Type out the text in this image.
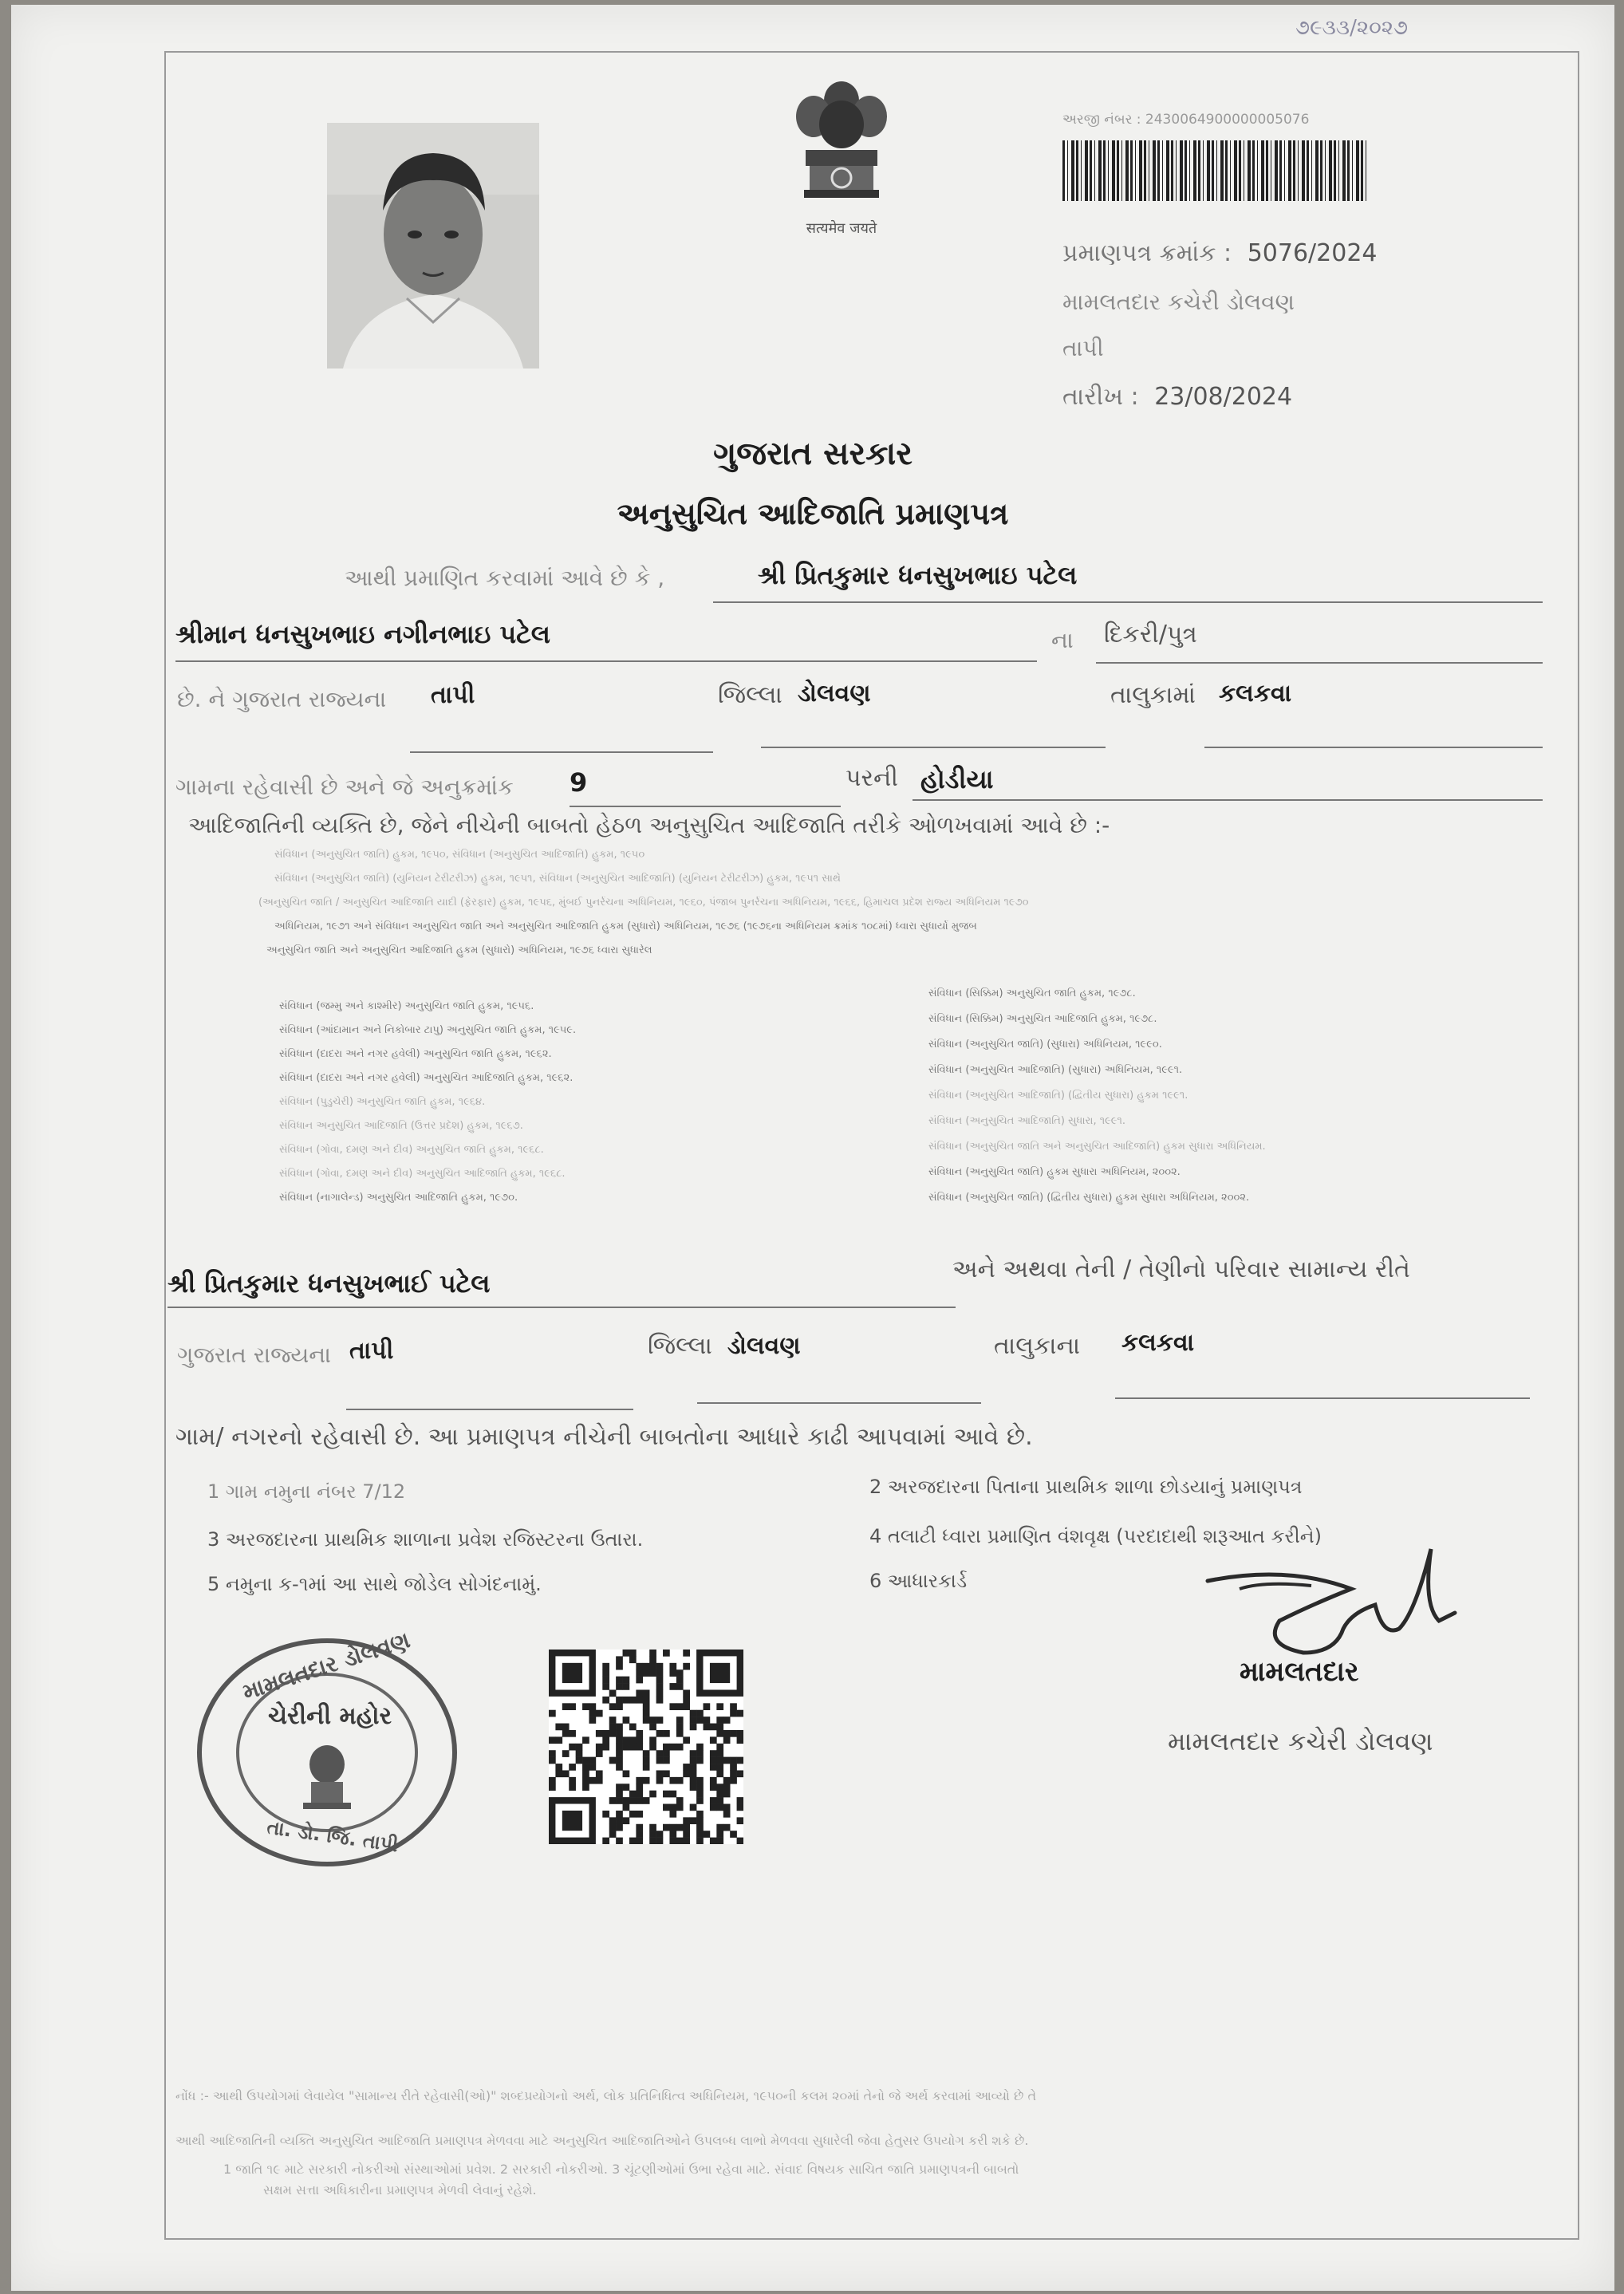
૭૯૩૩/૨૦૨૭
सत्यमेव जयते
અરજી નંબર : 2430064900000005076
પ્રમાણપત્ર ક્રમાંક : 5076/2024
મામલતદાર કચેરી ડોલવણ
તાપી
તારીખ : 23/08/2024
ગુજરાત સરકાર
અનુસુચિત આદિજાતિ પ્રમાણપત્ર
આથી પ્રમાણિત કરવામાં આવે છે કે ,	શ્રી પ્રિતકુમાર ધનસુખભાઇ પટેલ
શ્રીમાન ધનસુખભાઇ નગીનભાઇ પટેલ	ના દિકરી/પુત્ર
છે. ને ગુજરાત રાજ્યના તાપી	જિલ્લા ડોલવણ	તાલુકામાં કલકવા
ગામના રહેવાસી છે અને જે અનુક્રમાંક 9	પરની હોડીયા
આદિજાતિની વ્યક્તિ છે, જેને નીચેની બાબતો હેઠળ અનુસુચિત આદિજાતિ તરીકે ઓળખવામાં આવે છે :-
સંવિધાન (અનુસુચિત જાતિ) હુકમ, ૧૯૫૦, સંવિધાન (અનુસુચિત આદિજાતિ) હુકમ, ૧૯૫૦
સંવિધાન (અનુસુચિત જાતિ) (યુનિયન ટેરીટરીઝ) હુકમ, ૧૯૫૧, સંવિધાન (અનુસુચિત આદિજાતિ) (યુનિયન ટેરીટરીઝ) હુકમ, ૧૯૫૧ સાથે
(અનુસુચિત જાતિ / અનુસુચિત આદિજાતિ યાદી (ફેરફાર) હુકમ, ૧૯૫૬, મુંબઈ પુનર્રચના અધિનિયમ, ૧૯૬૦, પંજાબ પુનર્રચના અધિનિયમ, ૧૯૬૬, હિમાચલ પ્રદેશ રાજ્ય અધિનિયમ ૧૯૭૦
અધિનિયમ, ૧૯૭૧ અને સંવિધાન અનુસુચિત જાતિ અને અનુસુચિત આદિજાતિ હુકમ (સુધારો) અધિનિયમ, ૧૯૭૬ (૧૯૭૬ના અધિનિયમ ક્રમાંક ૧૦૮માં) ધ્વારા સુધાર્યા મુજબ
અનુસુચિત જાતિ અને અનુસુચિત આદિજાતિ હુકમ (સુધારો) અધિનિયમ, ૧૯૭૬ ધ્વારા સુધારેલ
સંવિધાન (જમ્મુ અને કાશ્મીર) અનુસુચિત જાતિ હુકમ, ૧૯૫૬.
સંવિધાન (આંદામાન અને નિકોબાર ટાપુ) અનુસુચિત જાતિ હુકમ, ૧૯૫૯.
સંવિધાન (દાદરા અને નગર હવેલી) અનુસુચિત જાતિ હુકમ, ૧૯૬૨.
સંવિધાન (દાદરા અને નગર હવેલી) અનુસુચિત આદિજાતિ હુકમ, ૧૯૬૨.
સંવિધાન (પુડુચેરી) અનુસુચિત જાતિ હુકમ, ૧૯૬૪.
સંવિધાન અનુસુચિત આદિજાતિ (ઉત્તર પ્રદેશ) હુકમ, ૧૯૬૭.
સંવિધાન (ગોવા, દમણ અને દીવ) અનુસુચિત જાતિ હુકમ, ૧૯૬૮.
સંવિધાન (ગોવા, દમણ અને દીવ) અનુસુચિત આદિજાતિ હુકમ, ૧૯૬૮.
સંવિધાન (નાગાલેન્ડ) અનુસુચિત આદિજાતિ હુકમ, ૧૯૭૦.
સંવિધાન (સિક્કિમ) અનુસુચિત જાતિ હુકમ, ૧૯૭૮.
સંવિધાન (સિક્કિમ) અનુસુચિત આદિજાતિ હુકમ, ૧૯૭૮.
સંવિધાન (અનુસુચિત જાતિ) (સુધારા) અધિનિયમ, ૧૯૯૦.
સંવિધાન (અનુસુચિત આદિજાતિ) (સુધારા) અધિનિયમ, ૧૯૯૧.
સંવિધાન (અનુસુચિત આદિજાતિ) (દ્વિતીય સુધારા) હુકમ ૧૯૯૧.
સંવિધાન (અનુસુચિત આદિજાતિ) સુધારા, ૧૯૯૧.
સંવિધાન (અનુસુચિત જાતિ અને અનુસુચિત આદિજાતિ) હુકમ સુધારા અધિનિયમ.
સંવિધાન (અનુસુચિત જાતિ) હુકમ સુધારા અધિનિયમ, ૨૦૦૨.
સંવિધાન (અનુસુચિત જાતિ) (દ્વિતીય સુધારા) હુકમ સુધારા અધિનિયમ, ૨૦૦૨.
શ્રી પ્રિતકુમાર ધનસુખભાઈ પટેલ	અને અથવા તેની / તેણીનો પરિવાર સામાન્ય રીતે
ગુજરાત રાજ્યના તાપી	જિલ્લા ડોલવણ	તાલુકાના કલકવા
ગામ/ નગરનો રહેવાસી છે. આ પ્રમાણપત્ર નીચેની બાબતોના આધારે કાઢી આપવામાં આવે છે.
1 ગામ નમુના નંબર 7/12	2 અરજદારના પિતાના પ્રાથમિક શાળા છોડયાનું પ્રમાણપત્ર
3 અરજદારના પ્રાથમિક શાળાના પ્રવેશ રજિસ્ટરના ઉતારા.	4 તલાટી ધ્વારા પ્રમાણિત વંશવૃક્ષ (પરદાદાથી શરૂઆત કરીને)
5 નમુના ક-૧માં આ સાથે જોડેલ સોગંદનામું.	6 આધારકાર્ડ
મામલતદાર ડોલવણ
ચેરીની મહોર
તા. ડો. જિ. તાપી
મામલતદાર
મામલતદાર કચેરી ડોલવણ
નોંધ :- આથી ઉપયોગમાં લેવાયેલ "સામાન્ય રીતે રહેવાસી(ઓ)" શબ્દપ્રયોગનો અર્થ, લોક પ્રતિનિધિત્વ અધિનિયમ, ૧૯૫૦ની કલમ ૨૦માં તેનો જે અર્થ કરવામાં આવ્યો છે તે
આથી આદિજાતિની વ્યક્તિ અનુસુચિત આદિજાતિ પ્રમાણપત્ર મેળવવા માટે અનુસુચિત આદિજાતિઓને ઉપલબ્ધ લાભો મેળવવા સુધારેલી જેવા હેતુસર ઉપયોગ કરી શકે છે.
1 જાતિ ૧૯ માટે સરકારી નોકરીઓ સંસ્થાઓમાં પ્રવેશ. 2 સરકારી નોકરીઓ. 3 ચૂંટણીઓમાં ઉભા રહેવા માટે. સંવાદ વિષયક સાચિત જાતિ પ્રમાણપત્રની બાબતો
સક્ષમ સત્તા અધિકારીના પ્રમાણપત્ર મેળવી લેવાનું રહેશે.
